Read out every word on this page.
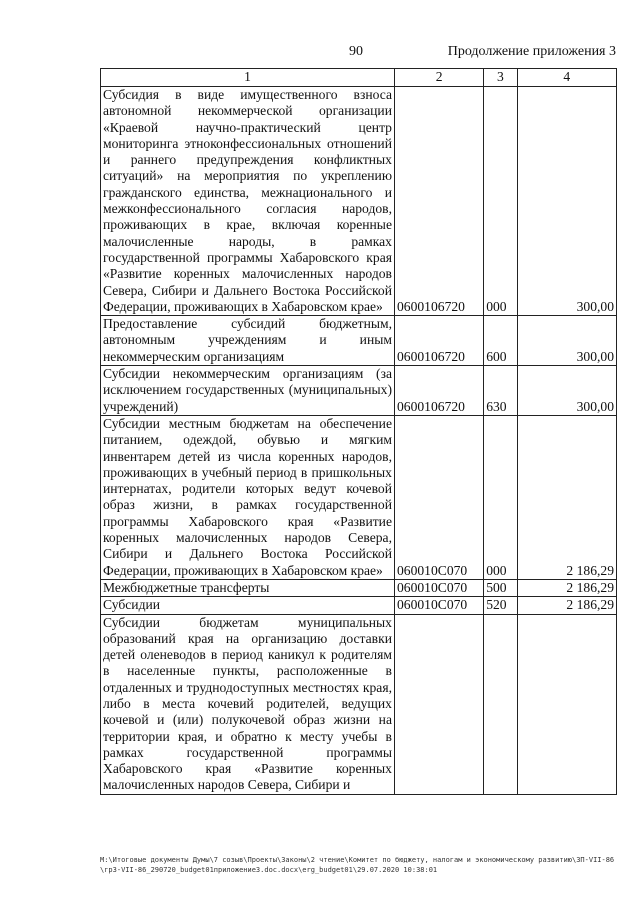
90	Продолжение приложения 3
1	2	3	4
Субсидия в виде имущественного взноса автономной некоммерческой организации «Краевой научно-практический центр мониторинга этноконфессиональных отношений и раннего предупреждения конфликтных ситуаций» на мероприятия по укреплению гражданского единства, межнационального и межконфессионального согласия народов, проживающих в крае, включая коренные малочисленные народы, в рамках государственной программы Хабаровского края «Развитие коренных малочисленных народов Севера, Сибири и Дальнего Востока Российской Федерации, проживающих в Хабаровском крае»	0600106720	000	300,00
Предоставление субсидий бюджетным, автономным учреждениям и иным некоммерческим организациям	0600106720	600	300,00
Субсидии некоммерческим организациям (за исключением государственных (муниципальных) учреждений)	0600106720	630	300,00
Субсидии местным бюджетам на обеспечение питанием, одеждой, обувью и мягким инвентарем детей из числа коренных народов, проживающих в учебный период в пришкольных интернатах, родители которых ведут кочевой образ жизни, в рамках государственной программы Хабаровского края «Развитие коренных малочисленных народов Севера, Сибири и Дальнего Востока Российской Федерации, проживающих в Хабаровском крае»	060010С070	000	2 186,29
Межбюджетные трансферты	060010С070	500	2 186,29
Субсидии	060010С070	520	2 186,29
Субсидии бюджетам муниципальных образований края на организацию доставки детей оленеводов в период каникул к родителям в населенные пункты, расположенные в отдаленных и труднодоступных местностях края, либо в места кочевий родителей, ведущих кочевой и (или) полукочевой образ жизни на территории края, и обратно к месту учебы в рамках государственной программы Хабаровского края «Развитие коренных малочисленных народов Севера, Сибири и			
M:\Итоговые документы Думы\7 созыв\Проекты\Законы\2 чтение\Комитет по бюджету, налогам и экономическому развитию\ЗП-VII-86\гр3-VII-86_290720_budget01приложение3.doc.docx\erg_budget01\29.07.2020 10:38:01
